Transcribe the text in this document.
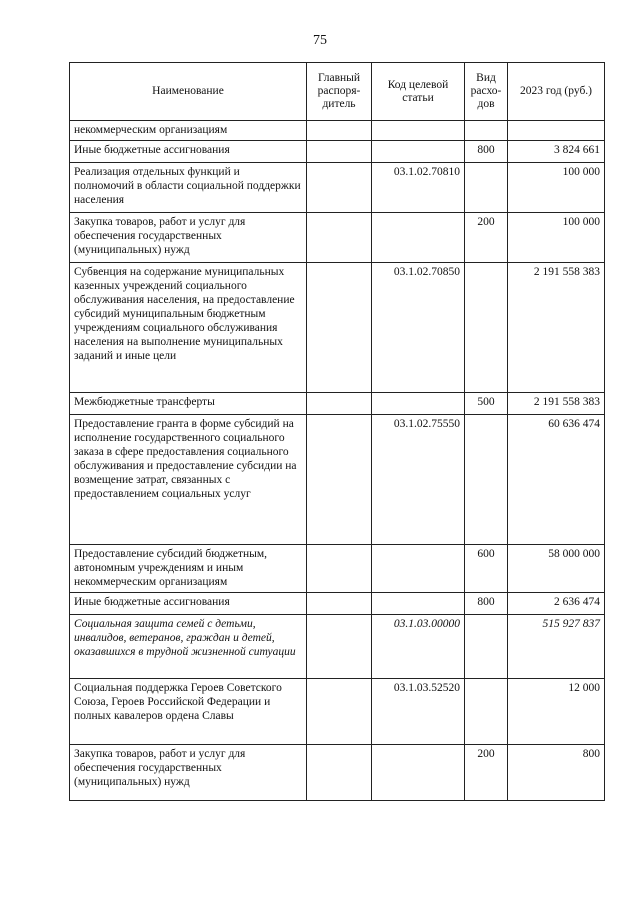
75
Наименование	Главный распоря-дитель	Код целевой статьи	Вид расхо-дов	2023 год (руб.)
некоммерческим организациям				
Иные бюджетные ассигнования			800	3 824 661
Реализация отдельных функций и полномочий в области социальной поддержки населения		03.1.02.70810		100 000
Закупка товаров, работ и услуг для обеспечения государственных (муниципальных) нужд			200	100 000
Субвенция на содержание муниципальных казенных учреждений социального обслуживания населения, на предоставление субсидий муниципальным бюджетным учреждениям социального обслуживания населения на выполнение муниципальных заданий и иные цели		03.1.02.70850		2 191 558 383
Межбюджетные трансферты			500	2 191 558 383
Предоставление гранта в форме субсидий на исполнение государственного социального заказа в сфере предоставления социального обслуживания и предоставление субсидии на возмещение затрат, связанных с предоставлением социальных услуг		03.1.02.75550		60 636 474
Предоставление субсидий бюджетным, автономным учреждениям и иным некоммерческим организациям			600	58 000 000
Иные бюджетные ассигнования			800	2 636 474
Социальная защита семей с детьми, инвалидов, ветеранов, граждан и детей, оказавшихся в трудной жизненной ситуации		03.1.03.00000		515 927 837
Социальная поддержка Героев Советского Союза, Героев Российской Федерации и полных кавалеров ордена Славы		03.1.03.52520		12 000
Закупка товаров, работ и услуг для обеспечения государственных (муниципальных) нужд			200	800
